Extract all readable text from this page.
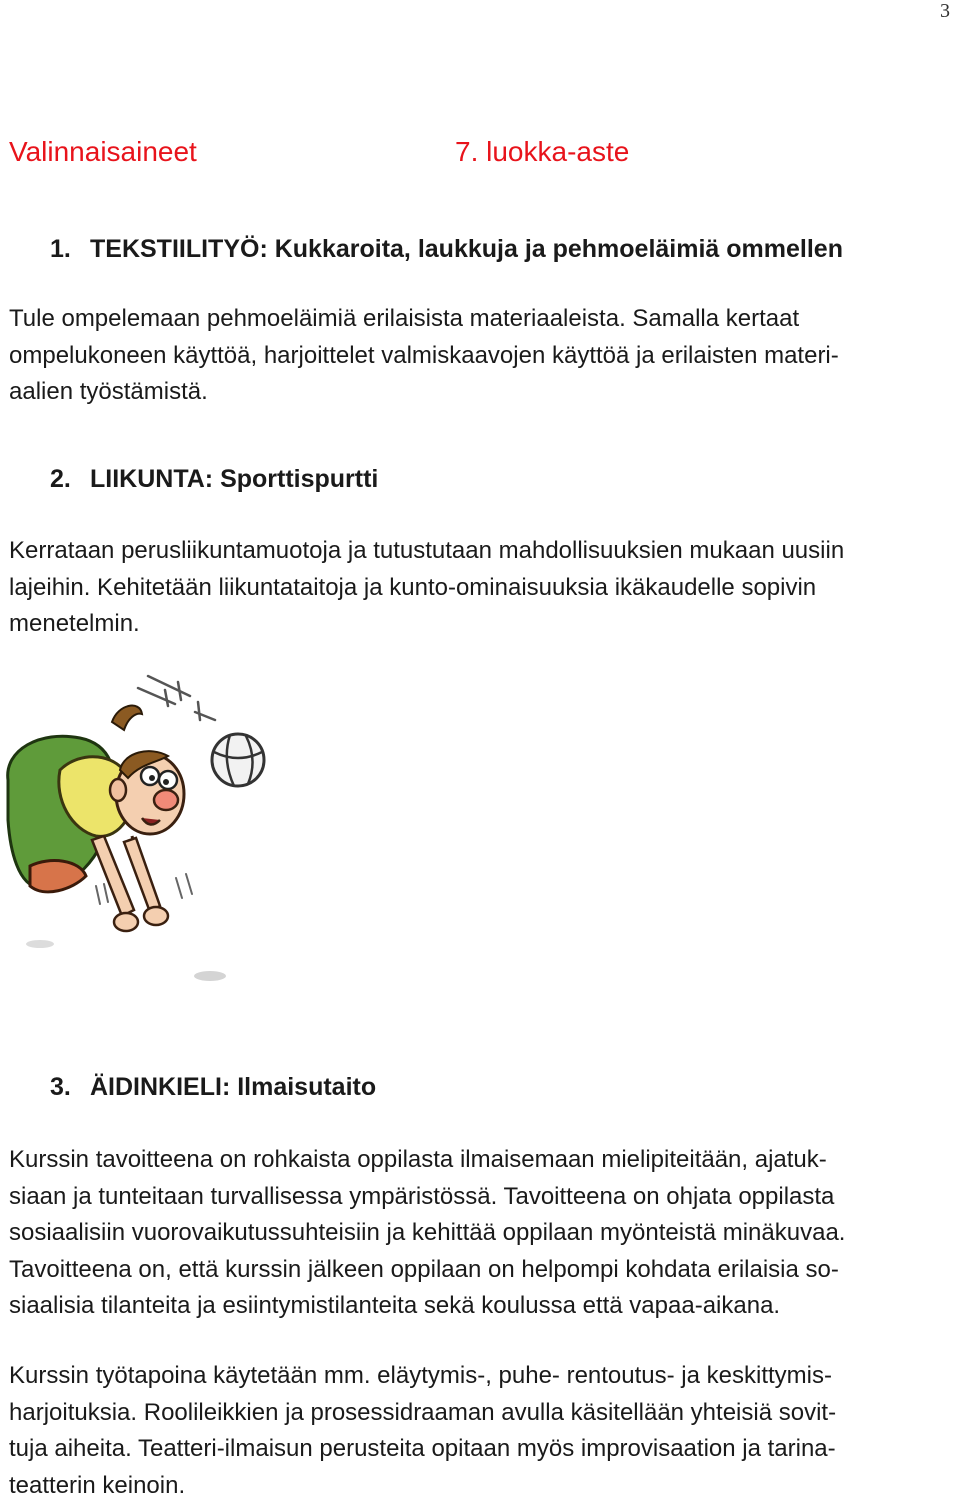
3
Valinnaisaineet	7. luokka-aste
1. TEKSTIILITYÖ: Kukkaroita, laukkuja ja pehmoeläimiä ommellen

Tule ompelemaan pehmoeläimiä erilaisista materiaaleista. Samalla kertaat
ompelukoneen käyttöä, harjoittelet valmiskaavojen käyttöä ja erilaisten materi-
aalien työstämistä.

2. LIIKUNTA: Sporttispurtti

Kerrataan perusliikuntamuotoja ja tutustutaan mahdollisuuksien mukaan uusiin
lajeihin. Kehitetään liikuntataitoja ja kunto-ominaisuuksia ikäkaudelle sopivin
menetelmin.

3. ÄIDINKIELI: Ilmaisutaito

Kurssin tavoitteena on rohkaista oppilasta ilmaisemaan mielipiteitään, ajatuk-
siaan ja tunteitaan turvallisessa ympäristössä. Tavoitteena on ohjata oppilasta
sosiaalisiin vuorovaikutussuhteisiin ja kehittää oppilaan myönteistä minäkuvaa.
Tavoitteena on, että kurssin jälkeen oppilaan on helpompi kohdata erilaisia so-
siaalisia tilanteita ja esiintymistilanteita sekä koulussa että vapaa-aikana.

Kurssin työtapoina käytetään mm. eläytymis-, puhe- rentoutus- ja keskittymis-
harjoituksia. Roolileikkien ja prosessidraaman avulla käsitellään yhteisiä sovit-
tuja aiheita. Teatteri-ilmaisun perusteita opitaan myös improvisaation ja tarina-
teatterin keinoin.
